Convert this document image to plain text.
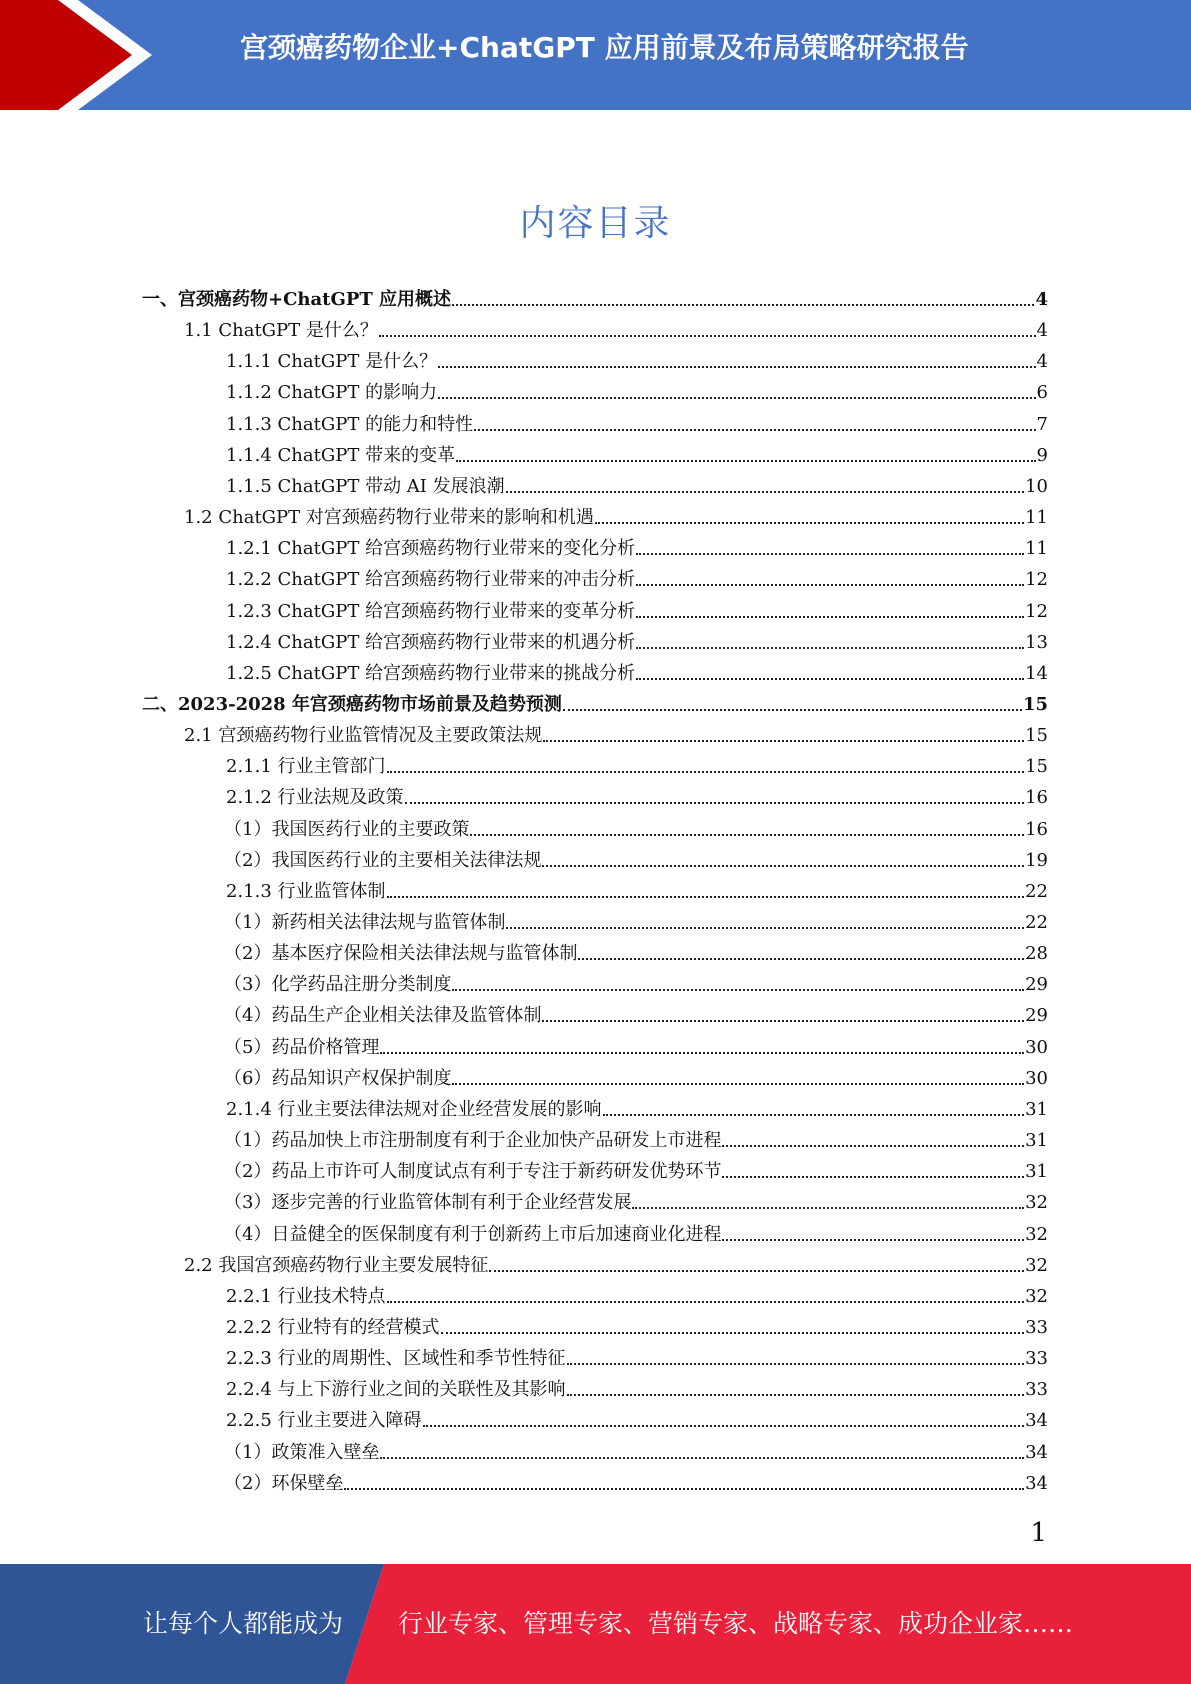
宫颈癌药物企业+ChatGPT 应用前景及布局策略研究报告
内容目录
一、宫颈癌药物+ChatGPT 应用概述	4
1.1 ChatGPT 是什么？	4
1.1.1 ChatGPT 是什么？	4
1.1.2 ChatGPT 的影响力	6
1.1.3 ChatGPT 的能力和特性	7
1.1.4 ChatGPT 带来的变革	9
1.1.5 ChatGPT 带动 AI 发展浪潮	10
1.2 ChatGPT 对宫颈癌药物行业带来的影响和机遇	11
1.2.1 ChatGPT 给宫颈癌药物行业带来的变化分析	11
1.2.2 ChatGPT 给宫颈癌药物行业带来的冲击分析	12
1.2.3 ChatGPT 给宫颈癌药物行业带来的变革分析	12
1.2.4 ChatGPT 给宫颈癌药物行业带来的机遇分析	13
1.2.5 ChatGPT 给宫颈癌药物行业带来的挑战分析	14
二、2023-2028 年宫颈癌药物市场前景及趋势预测	15
2.1 宫颈癌药物行业监管情况及主要政策法规	15
2.1.1 行业主管部门	15
2.1.2 行业法规及政策	16
（1）我国医药行业的主要政策	16
（2）我国医药行业的主要相关法律法规	19
2.1.3 行业监管体制	22
（1）新药相关法律法规与监管体制	22
（2）基本医疗保险相关法律法规与监管体制	28
（3）化学药品注册分类制度	29
（4）药品生产企业相关法律及监管体制	29
（5）药品价格管理	30
（6）药品知识产权保护制度	30
2.1.4 行业主要法律法规对企业经营发展的影响	31
（1）药品加快上市注册制度有利于企业加快产品研发上市进程	31
（2）药品上市许可人制度试点有利于专注于新药研发优势环节	31
（3）逐步完善的行业监管体制有利于企业经营发展	32
（4）日益健全的医保制度有利于创新药上市后加速商业化进程	32
2.2 我国宫颈癌药物行业主要发展特征	32
2.2.1 行业技术特点	32
2.2.2 行业特有的经营模式	33
2.2.3 行业的周期性、区域性和季节性特征	33
2.2.4 与上下游行业之间的关联性及其影响	33
2.2.5 行业主要进入障碍	34
（1）政策准入壁垒	34
（2）环保壁垒	34
1
让每个人都能成为 行业专家、管理专家、营销专家、战略专家、成功企业家……
